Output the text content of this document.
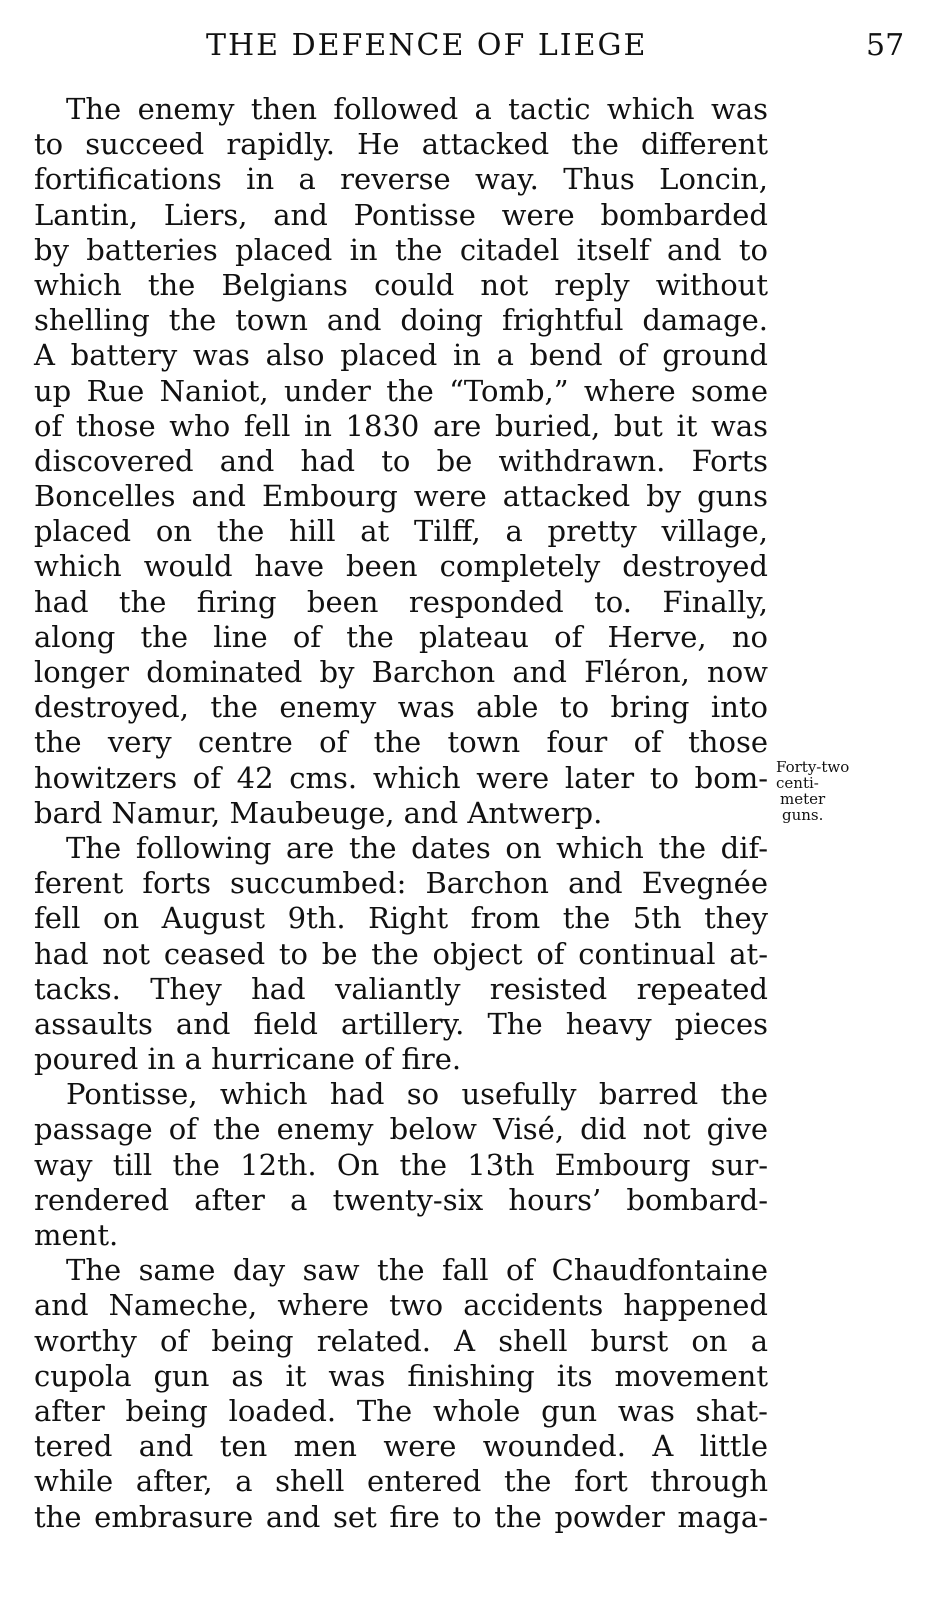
THE DEFENCE OF LIEGE	57
The enemy then followed a tactic which was
to succeed rapidly. He attacked the different
fortifications in a reverse way. Thus Loncin,
Lantin, Liers, and Pontisse were bombarded
by batteries placed in the citadel itself and to
which the Belgians could not reply without
shelling the town and doing frightful damage.
A battery was also placed in a bend of ground
up Rue Naniot, under the “Tomb,” where some
of those who fell in 1830 are buried, but it was
discovered and had to be withdrawn. Forts
Boncelles and Embourg were attacked by guns
placed on the hill at Tilff, a pretty village,
which would have been completely destroyed
had the firing been responded to. Finally,
along the line of the plateau of Herve, no
longer dominated by Barchon and Fléron, now
destroyed, the enemy was able to bring into
the very centre of the town four of those
howitzers of 42 cms. which were later to bom-
bard Namur, Maubeuge, and Antwerp.
The following are the dates on which the dif-
ferent forts succumbed: Barchon and Evegnée
fell on August 9th. Right from the 5th they
had not ceased to be the object of continual at-
tacks. They had valiantly resisted repeated
assaults and field artillery. The heavy pieces
poured in a hurricane of fire.
Pontisse, which had so usefully barred the
passage of the enemy below Visé, did not give
way till the 12th. On the 13th Embourg sur-
rendered after a twenty-six hours’ bombard-
ment.
The same day saw the fall of Chaudfontaine
and Nameche, where two accidents happened
worthy of being related. A shell burst on a
cupola gun as it was finishing its movement
after being loaded. The whole gun was shat-
tered and ten men were wounded. A little
while after, a shell entered the fort through
the embrasure and set fire to the powder maga-
Forty-two
centi-
meter
guns.
